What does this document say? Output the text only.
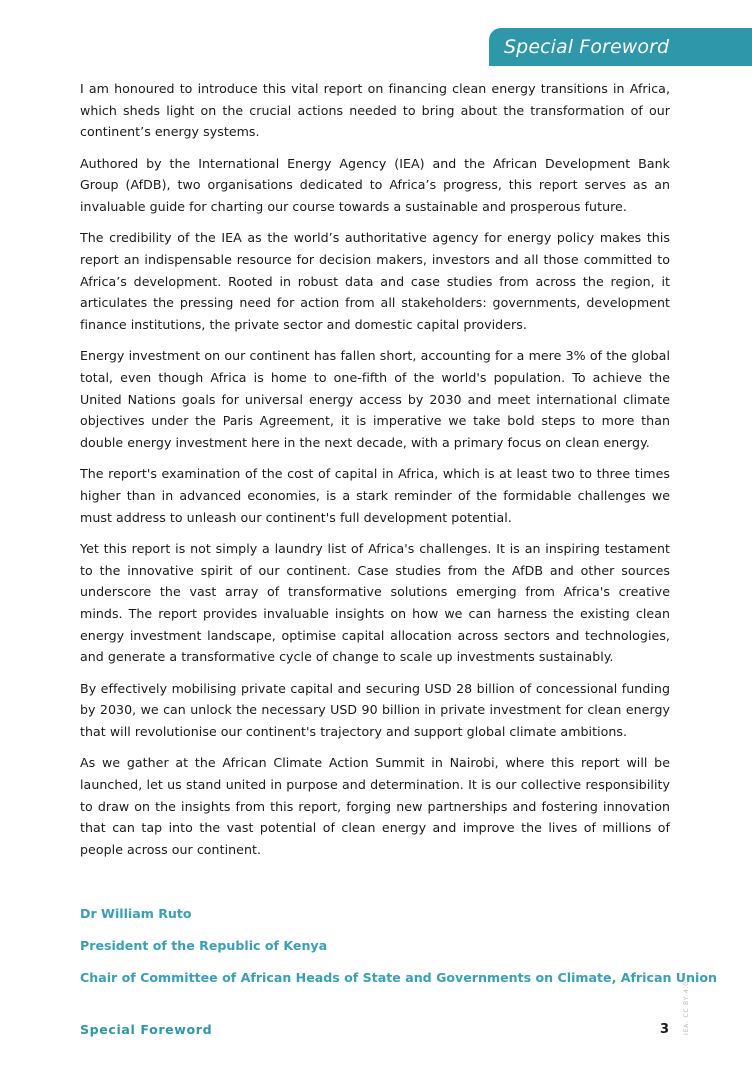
Special Foreword

I am honoured to introduce this vital report on financing clean energy transitions in Africa, which sheds light on the crucial actions needed to bring about the transformation of our continent’s energy systems.

Authored by the International Energy Agency (IEA) and the African Development Bank Group (AfDB), two organisations dedicated to Africa’s progress, this report serves as an invaluable guide for charting our course towards a sustainable and prosperous future.

The credibility of the IEA as the world’s authoritative agency for energy policy makes this report an indispensable resource for decision makers, investors and all those committed to Africa’s development. Rooted in robust data and case studies from across the region, it articulates the pressing need for action from all stakeholders: governments, development finance institutions, the private sector and domestic capital providers.

Energy investment on our continent has fallen short, accounting for a mere 3% of the global total, even though Africa is home to one-fifth of the world's population. To achieve the United Nations goals for universal energy access by 2030 and meet international climate objectives under the Paris Agreement, it is imperative we take bold steps to more than double energy investment here in the next decade, with a primary focus on clean energy.

The report's examination of the cost of capital in Africa, which is at least two to three times higher than in advanced economies, is a stark reminder of the formidable challenges we must address to unleash our continent's full development potential.

Yet this report is not simply a laundry list of Africa's challenges. It is an inspiring testament to the innovative spirit of our continent. Case studies from the AfDB and other sources underscore the vast array of transformative solutions emerging from Africa's creative minds. The report provides invaluable insights on how we can harness the existing clean energy investment landscape, optimise capital allocation across sectors and technologies, and generate a transformative cycle of change to scale up investments sustainably.

By effectively mobilising private capital and securing USD 28 billion of concessional funding by 2030, we can unlock the necessary USD 90 billion in private investment for clean energy that will revolutionise our continent's trajectory and support global climate ambitions.

As we gather at the African Climate Action Summit in Nairobi, where this report will be launched, let us stand united in purpose and determination. It is our collective responsibility to draw on the insights from this report, forging new partnerships and fostering innovation that can tap into the vast potential of clean energy and improve the lives of millions of people across our continent.

Dr William Ruto
President of the Republic of Kenya
Chair of Committee of African Heads of State and Governments on Climate, African Union
Special Foreword	3 IEA. CC BY 4.0.
